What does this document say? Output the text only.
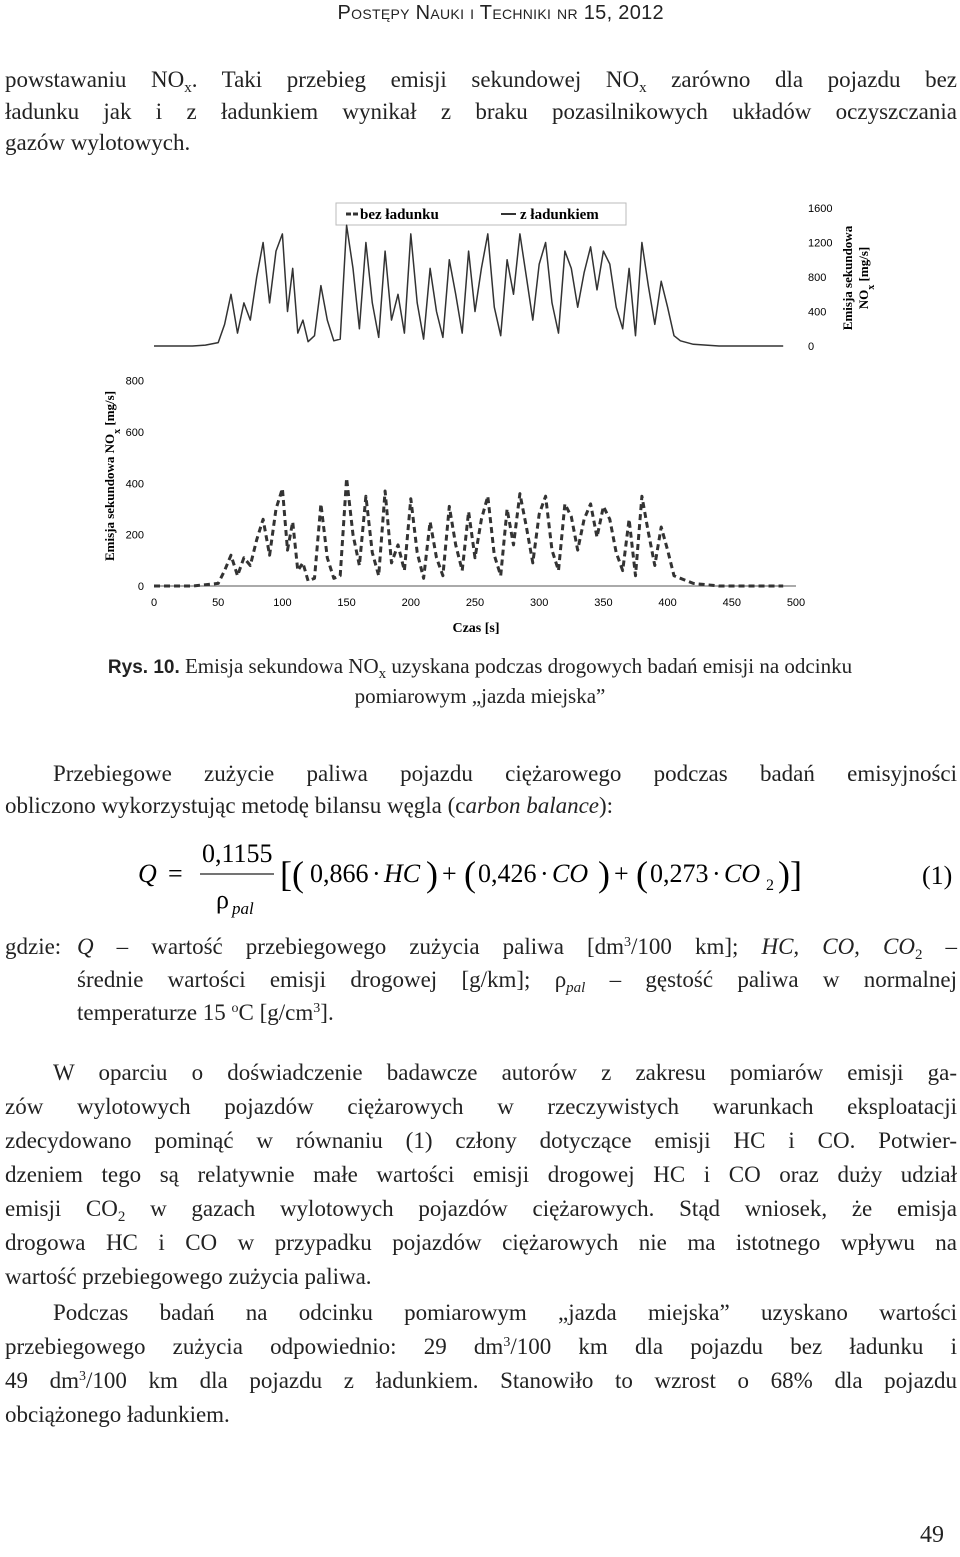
Postępy Nauki i Techniki nr 15, 2012
powstawaniu $NO_x$. Taki przebieg emisji sekundowej $NO_x$ zarówno dla pojazdu bez
ładunku jak i z ładunkiem wynikał z braku pozasilnikowych układów oczyszczania
gazów wylotowych.
bez ładunku	z ładunkiem
Czas [s]
Emisja sekundowa $NO_x$ [mg/s]
Emisja sekundowa $NO_x$ [mg/s]
0	50	100	150	200	250	300	350	400	450	500
0
200
400
600
800
0
400
800
1200
1600
Rys. 10. Emisja sekundowa $NO_x$ uzyskana podczas drogowych badań emisji na odcinku
pomiarowym „jazda miejska”
Przebiegowe zużycie paliwa pojazdu ciężarowego podczas badań emisyjności
obliczono wykorzystując metodę bilansu węgla (carbon balance):
Q =
0,1155
ρ pal
[( 0,866 · HC ) + ( 0,426 · CO ) + ( 0,273 · CO 2 )]	(1)
gdzie: Q – wartość przebiegowego zużycia paliwa [$dm^3/100$ km]; HC, CO, $CO_2$ –
średnie wartości emisji drogowej [g/km]; $\rho_{pal}$ – gęstość paliwa w normalnej
temperaturze 15 $^o$C $[g/cm^3]$.
W oparciu o doświadczenie badawcze autorów z zakresu pomiarów emisji ga-
zów wylotowych pojazdów ciężarowych w rzeczywistych warunkach eksploatacji
zdecydowano pominąć w równaniu (1) człony dotyczące emisji HC i CO. Potwier-
dzeniem tego są relatywnie małe wartości emisji drogowej HC i CO oraz duży udział
emisji $CO_2$ w gazach wylotowych pojazdów ciężarowych. Stąd wniosek, że emisja
drogowa HC i CO w przypadku pojazdów ciężarowych nie ma istotnego wpływu na
wartość przebiegowego zużycia paliwa.
Podczas badań na odcinku pomiarowym „jazda miejska” uzyskano wartości
przebiegowego zużycia odpowiednio: 29 $dm^3/100$ km dla pojazdu bez ładunku i
49 $dm^3/100$ km dla pojazdu z ładunkiem. Stanowiło to wzrost o 68% dla pojazdu
obciążonego ładunkiem.
49
